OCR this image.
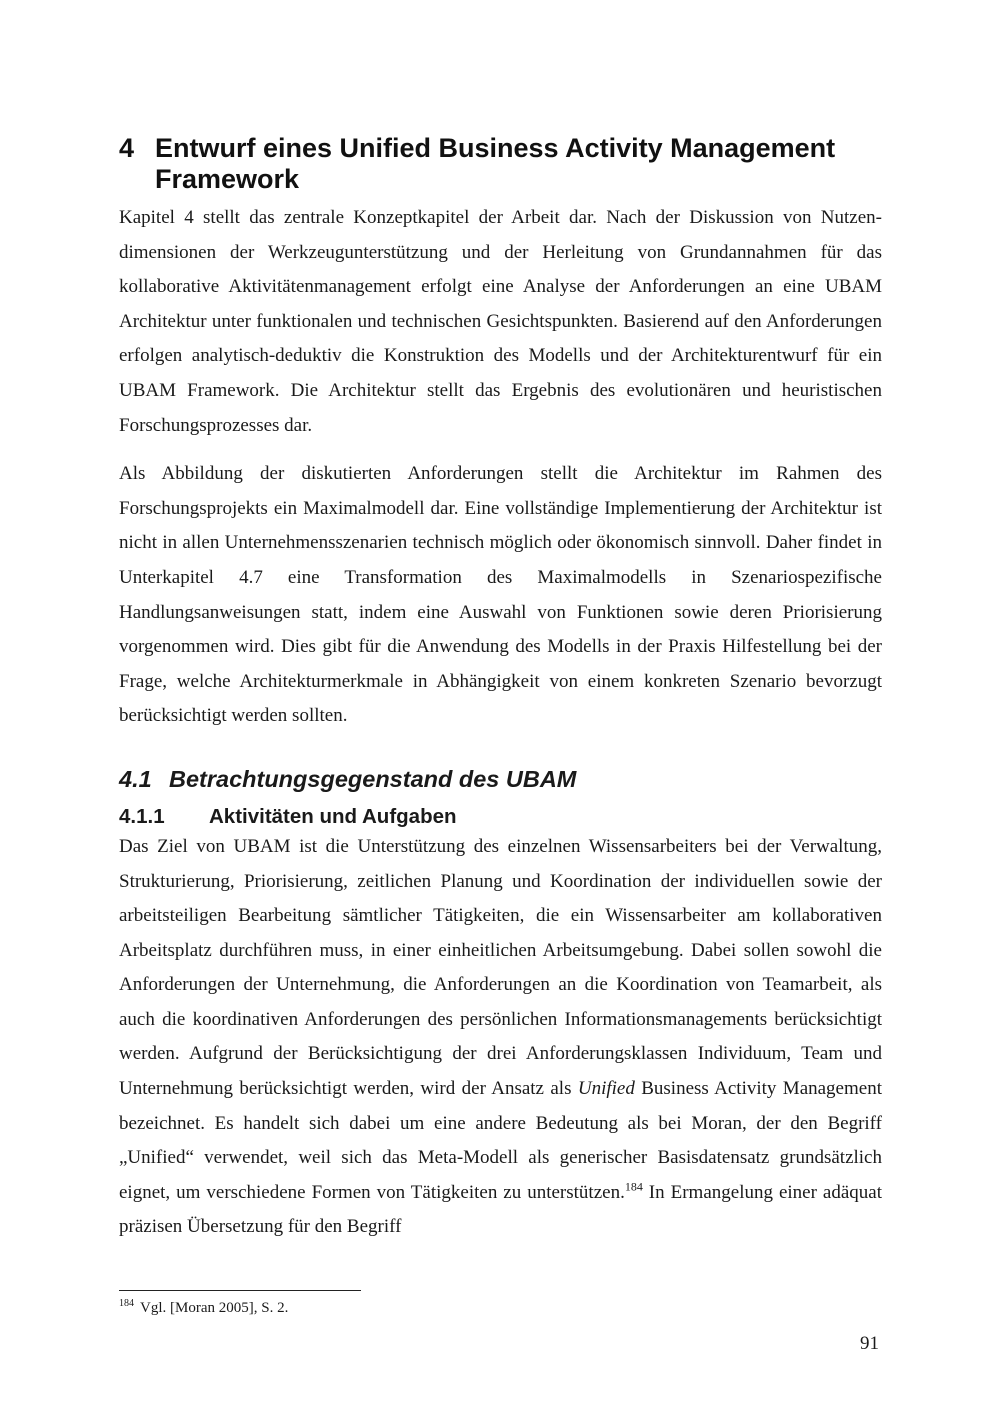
4 Entwurf eines Unified Business Activity Management Framework

Kapitel 4 stellt das zentrale Konzeptkapitel der Arbeit dar. Nach der Diskussion von Nutzendimensionen der Werkzeugunterstützung und der Herleitung von Grundannahmen für das kollaborative Aktivitätenmanagement erfolgt eine Analyse der Anforderungen an eine UBAM Architektur unter funktionalen und technischen Gesichtspunkten. Basierend auf den Anforderungen erfolgen analytisch-deduktiv die Konstruktion des Modells und der Architekturentwurf für ein UBAM Framework. Die Architektur stellt das Ergebnis des evolutionären und heuristischen Forschungsprozesses dar.

Als Abbildung der diskutierten Anforderungen stellt die Architektur im Rahmen des Forschungsprojekts ein Maximalmodell dar. Eine vollständige Implementierung der Architektur ist nicht in allen Unternehmensszenarien technisch möglich oder ökonomisch sinnvoll. Daher findet in Unterkapitel 4.7 eine Transformation des Maximalmodells in Szenariospezifische Handlungsanweisungen statt, indem eine Auswahl von Funktionen sowie deren Priorisierung vorgenommen wird. Dies gibt für die Anwendung des Modells in der Praxis Hilfestellung bei der Frage, welche Architekturmerkmale in Abhängigkeit von einem konkreten Szenario bevorzugt berücksichtigt werden sollten.

4.1 Betrachtungsgegenstand des UBAM
4.1.1 Aktivitäten und Aufgaben

Das Ziel von UBAM ist die Unterstützung des einzelnen Wissensarbeiters bei der Verwaltung, Strukturierung, Priorisierung, zeitlichen Planung und Koordination der individuellen sowie der arbeitsteiligen Bearbeitung sämtlicher Tätigkeiten, die ein Wissensarbeiter am kollaborativen Arbeitsplatz durchführen muss, in einer einheitlichen Arbeitsumgebung. Dabei sollen sowohl die Anforderungen der Unternehmung, die Anforderungen an die Koordination von Teamarbeit, als auch die koordinativen Anforderungen des persönlichen Informationsmanagements berücksichtigt werden. Aufgrund der Berücksichtigung der drei Anforderungsklassen Individuum, Team und Unternehmung berücksichtigt werden, wird der Ansatz als Unified Business Activity Management bezeichnet. Es handelt sich dabei um eine andere Bedeutung als bei Moran, der den Begriff „Unified“ verwendet, weil sich das Meta-Modell als generischer Basisdatensatz grundsätzlich eignet, um verschiedene Formen von Tätigkeiten zu unterstützen.$^{184}$ In Ermangelung einer adäquat präzisen Übersetzung für den Begriff

$^{184}$ Vgl. [Moran 2005], S. 2.
91
